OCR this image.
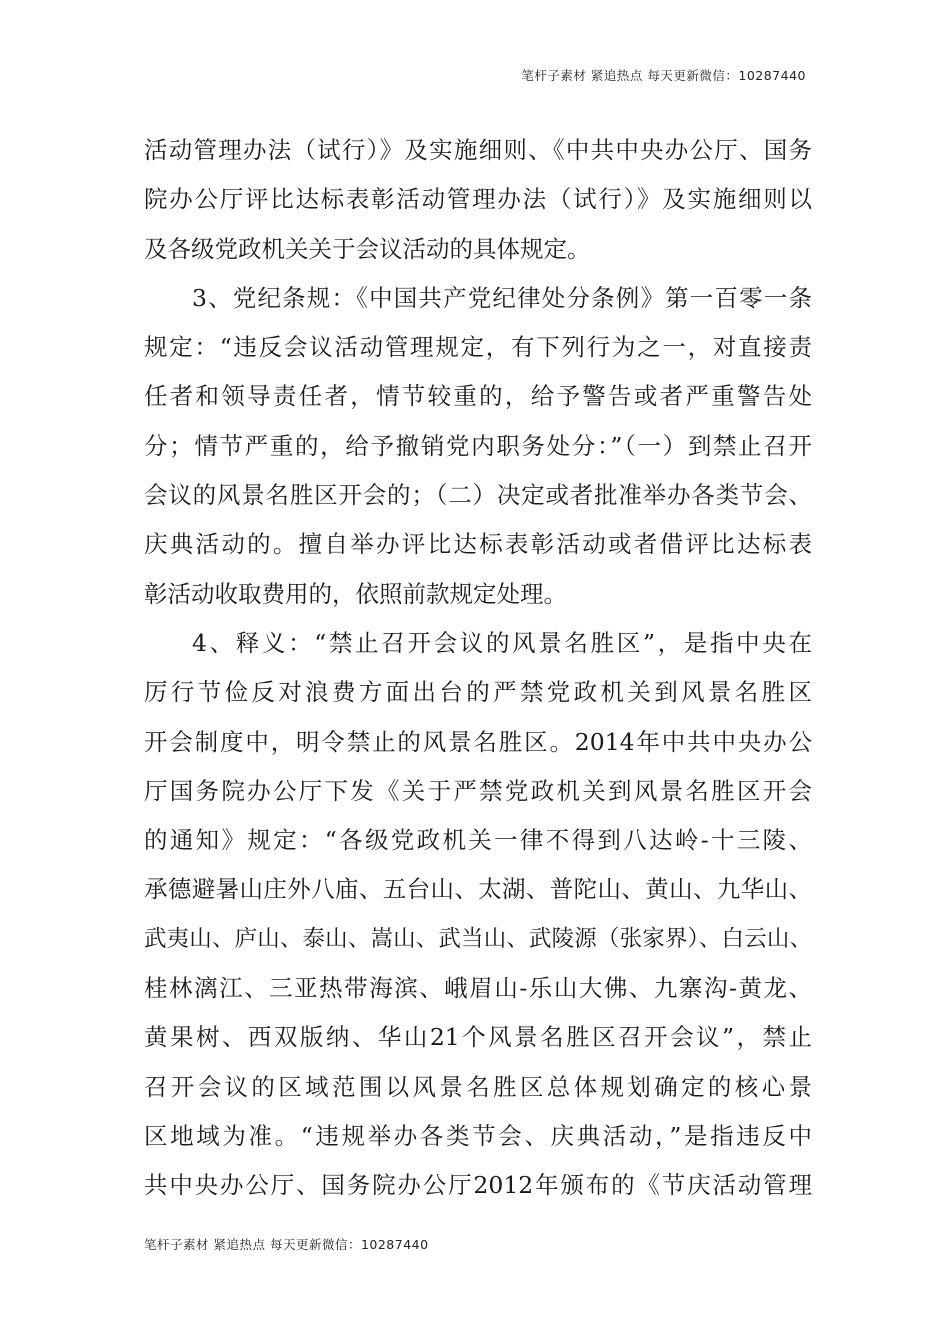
笔杆子素材 紧追热点 每天更新微信：10287440
活动管理办法（试行）》及实施细则、《中共中央办公厅、国务
院办公厅评比达标表彰活动管理办法（试行）》及实施细则以
及各级党政机关关于会议活动的具体规定。
3、党纪条规：《中国共产党纪律处分条例》第一百零一条
规定：“违反会议活动管理规定，有下列行为之一，对直接责
任者和领导责任者，情节较重的，给予警告或者严重警告处
分；情节严重的，给予撤销党内职务处分：”（一）到禁止召开
会议的风景名胜区开会的；（二）决定或者批准举办各类节会、
庆典活动的。擅自举办评比达标表彰活动或者借评比达标表
彰活动收取费用的，依照前款规定处理。
4、释义：“禁止召开会议的风景名胜区”，是指中央在
厉行节俭反对浪费方面出台的严禁党政机关到风景名胜区
开会制度中，明令禁止的风景名胜区。2014年中共中央办公
厅国务院办公厅下发《关于严禁党政机关到风景名胜区开会
的通知》规定：“各级党政机关一律不得到八达岭-十三陵、
承德避暑山庄外八庙、五台山、太湖、普陀山、黄山、九华山、
武夷山、庐山、泰山、嵩山、武当山、武陵源（张家界）、白云山、
桂林漓江、三亚热带海滨、峨眉山-乐山大佛、九寨沟-黄龙、
黄果树、西双版纳、华山21个风景名胜区召开会议”，禁止
召开会议的区域范围以风景名胜区总体规划确定的核心景
区地域为准。“违规举办各类节会、庆典活动，”是指违反中
共中央办公厅、国务院办公厅2012年颁布的《节庆活动管理
笔杆子素材 紧追热点 每天更新微信：10287440
